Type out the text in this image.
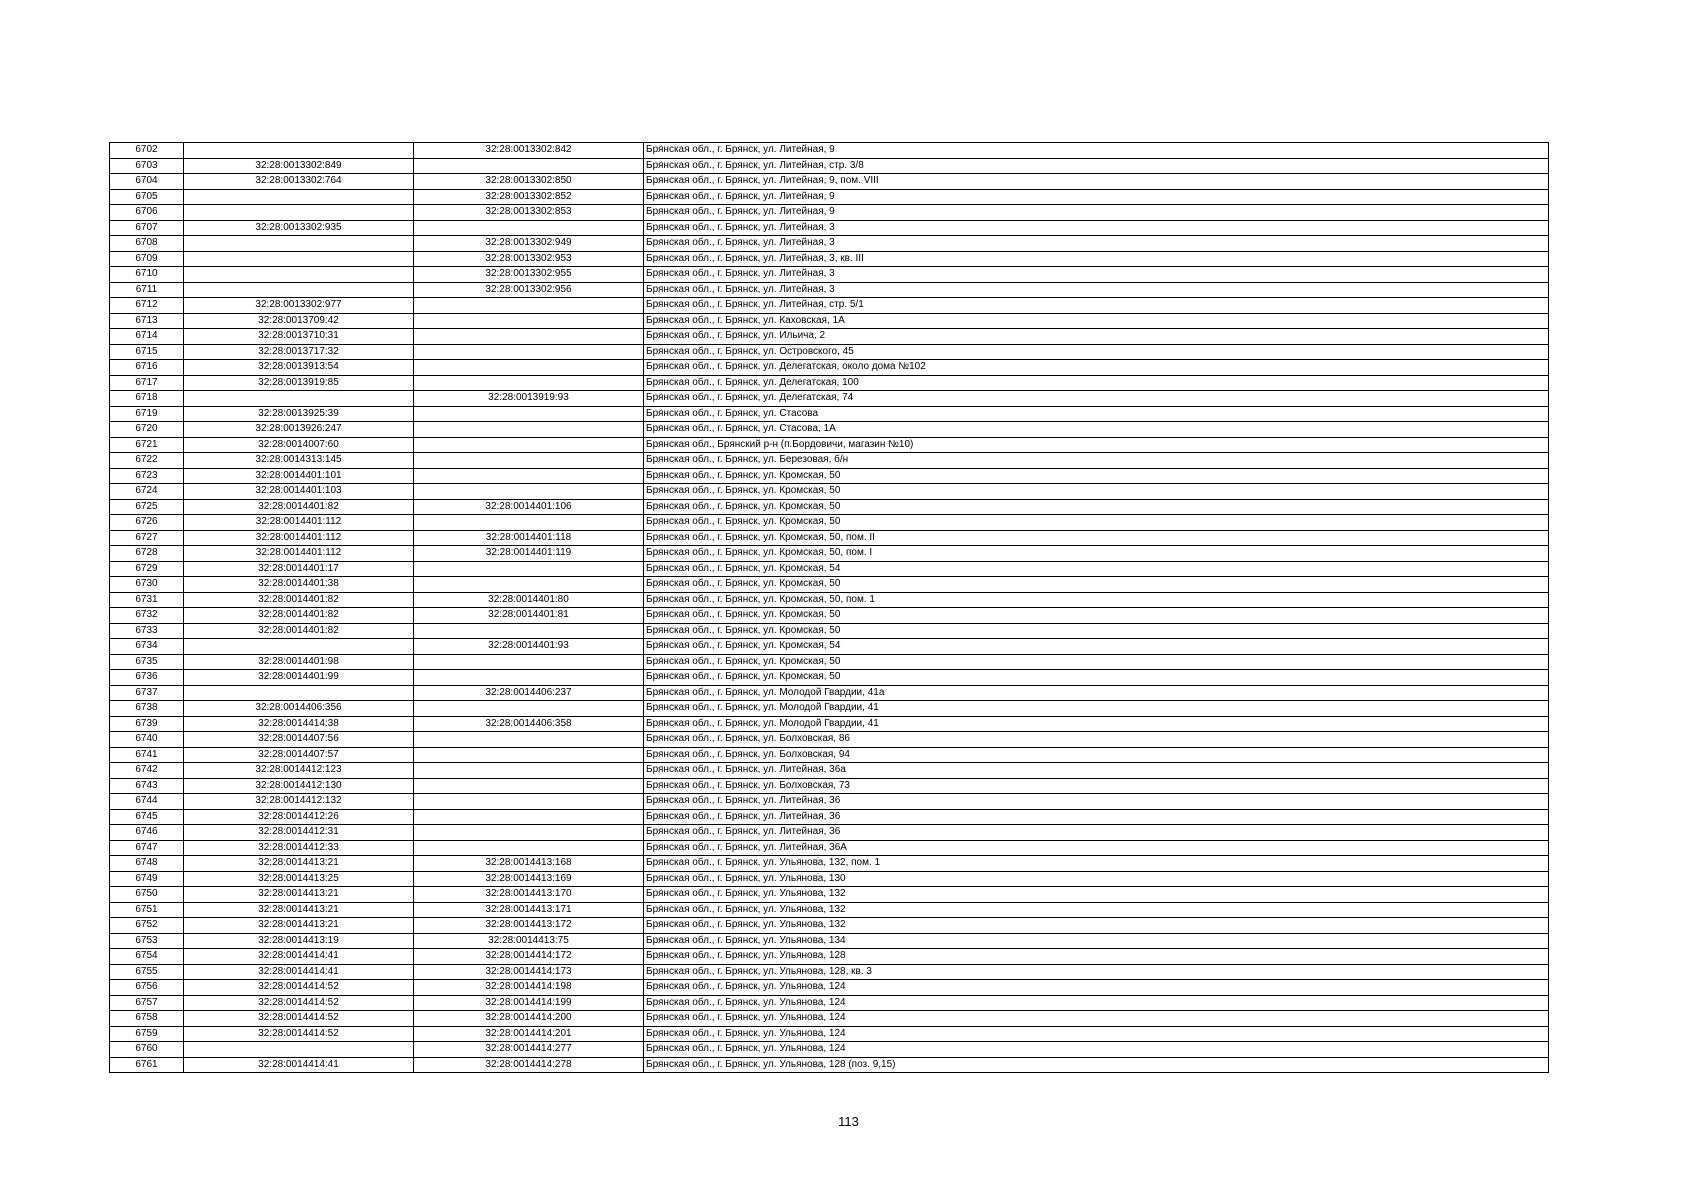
6702		32:28:0013302:842	Брянская обл., г. Брянск, ул. Литейная, 9
6703	32:28:0013302:849		Брянская обл., г. Брянск, ул. Литейная, стр. 3/8
6704	32:28:0013302:764	32:28:0013302:850	Брянская обл., г. Брянск, ул. Литейная, 9, пом. VIII
6705		32:28:0013302:852	Брянская обл., г. Брянск, ул. Литейная, 9
6706		32:28:0013302:853	Брянская обл., г. Брянск, ул. Литейная, 9
6707	32:28:0013302:935		Брянская обл., г. Брянск, ул. Литейная, 3
6708		32:28:0013302:949	Брянская обл., г. Брянск, ул. Литейная, 3
6709		32:28:0013302:953	Брянская обл., г. Брянск, ул. Литейная, 3, кв. III
6710		32:28:0013302:955	Брянская обл., г. Брянск, ул. Литейная, 3
6711		32:28:0013302:956	Брянская обл., г. Брянск, ул. Литейная, 3
6712	32:28:0013302:977		Брянская обл., г. Брянск, ул. Литейная, стр. 5/1
6713	32:28:0013709:42		Брянская обл., г. Брянск, ул. Каховская, 1А
6714	32:28:0013710:31		Брянская обл., г. Брянск, ул. Ильича, 2
6715	32:28:0013717:32		Брянская обл., г. Брянск, ул. Островского, 45
6716	32:28:0013913:54		Брянская обл., г. Брянск, ул. Делегатская, около дома №102
6717	32:28:0013919:85		Брянская обл., г. Брянск, ул. Делегатская, 100
6718		32:28:0013919:93	Брянская обл., г. Брянск, ул. Делегатская, 74
6719	32:28:0013925:39		Брянская обл., г. Брянск, ул. Стасова
6720	32:28:0013926:247		Брянская обл., г. Брянск, ул. Стасова, 1А
6721	32:28:0014007:60		Брянская обл., Брянский р-н (п.Бордовичи, магазин №10)
6722	32:28:0014313:145		Брянская обл., г. Брянск, ул. Березовая, б/н
6723	32:28:0014401:101		Брянская обл., г. Брянск, ул. Кромская, 50
6724	32:28:0014401:103		Брянская обл., г. Брянск, ул. Кромская, 50
6725	32:28:0014401:82	32:28:0014401:106	Брянская обл., г. Брянск, ул. Кромская, 50
6726	32:28:0014401:112		Брянская обл., г. Брянск, ул. Кромская, 50
6727	32:28:0014401:112	32:28:0014401:118	Брянская обл., г. Брянск, ул. Кромская, 50, пом. II
6728	32:28:0014401:112	32:28:0014401:119	Брянская обл., г. Брянск, ул. Кромская, 50, пом. I
6729	32:28:0014401:17		Брянская обл., г. Брянск, ул. Кромская, 54
6730	32:28:0014401:38		Брянская обл., г. Брянск, ул. Кромская, 50
6731	32:28:0014401:82	32:28:0014401:80	Брянская обл., г. Брянск, ул. Кромская, 50, пом. 1
6732	32:28:0014401:82	32:28:0014401:81	Брянская обл., г. Брянск, ул. Кромская, 50
6733	32:28:0014401:82		Брянская обл., г. Брянск, ул. Кромская, 50
6734		32:28:0014401:93	Брянская обл., г. Брянск, ул. Кромская, 54
6735	32:28:0014401:98		Брянская обл., г. Брянск, ул. Кромская, 50
6736	32:28:0014401:99		Брянская обл., г. Брянск, ул. Кромская, 50
6737		32:28:0014406:237	Брянская обл., г. Брянск, ул. Молодой Гвардии, 41а
6738	32:28:0014406:356		Брянская обл., г. Брянск, ул. Молодой Гвардии, 41
6739	32:28:0014414:38	32:28:0014406:358	Брянская обл., г. Брянск, ул. Молодой Гвардии, 41
6740	32:28:0014407:56		Брянская обл., г. Брянск, ул. Болховская, 86
6741	32:28:0014407:57		Брянская обл., г. Брянск, ул. Болховская, 94
6742	32:28:0014412:123		Брянская обл., г. Брянск, ул. Литейная, 36а
6743	32:28:0014412:130		Брянская обл., г. Брянск, ул. Болховская, 73
6744	32:28:0014412:132		Брянская обл., г. Брянск, ул. Литейная, 36
6745	32:28:0014412:26		Брянская обл., г. Брянск, ул. Литейная, 36
6746	32:28:0014412:31		Брянская обл., г. Брянск, ул. Литейная, 36
6747	32:28:0014412:33		Брянская обл., г. Брянск, ул. Литейная, 36А
6748	32:28:0014413:21	32:28:0014413:168	Брянская обл., г. Брянск, ул. Ульянова, 132, пом. 1
6749	32:28:0014413:25	32:28:0014413:169	Брянская обл., г. Брянск, ул. Ульянова, 130
6750	32:28:0014413:21	32:28:0014413:170	Брянская обл., г. Брянск, ул. Ульянова, 132
6751	32:28:0014413:21	32:28:0014413:171	Брянская обл., г. Брянск, ул. Ульянова, 132
6752	32:28:0014413:21	32:28:0014413:172	Брянская обл., г. Брянск, ул. Ульянова, 132
6753	32:28:0014413:19	32:28:0014413:75	Брянская обл., г. Брянск, ул. Ульянова, 134
6754	32:28:0014414:41	32:28:0014414:172	Брянская обл., г. Брянск, ул. Ульянова, 128
6755	32:28:0014414:41	32:28:0014414:173	Брянская обл., г. Брянск, ул. Ульянова, 128, кв. 3
6756	32:28:0014414:52	32:28:0014414:198	Брянская обл., г. Брянск, ул. Ульянова, 124
6757	32:28:0014414:52	32:28:0014414:199	Брянская обл., г. Брянск, ул. Ульянова, 124
6758	32:28:0014414:52	32:28:0014414:200	Брянская обл., г. Брянск, ул. Ульянова, 124
6759	32:28:0014414:52	32:28:0014414:201	Брянская обл., г. Брянск, ул. Ульянова, 124
6760		32:28:0014414:277	Брянская обл., г. Брянск, ул. Ульянова, 124
6761	32:28:0014414:41	32:28:0014414:278	Брянская обл., г. Брянск, ул. Ульянова, 128 (поз. 9,15)
113
